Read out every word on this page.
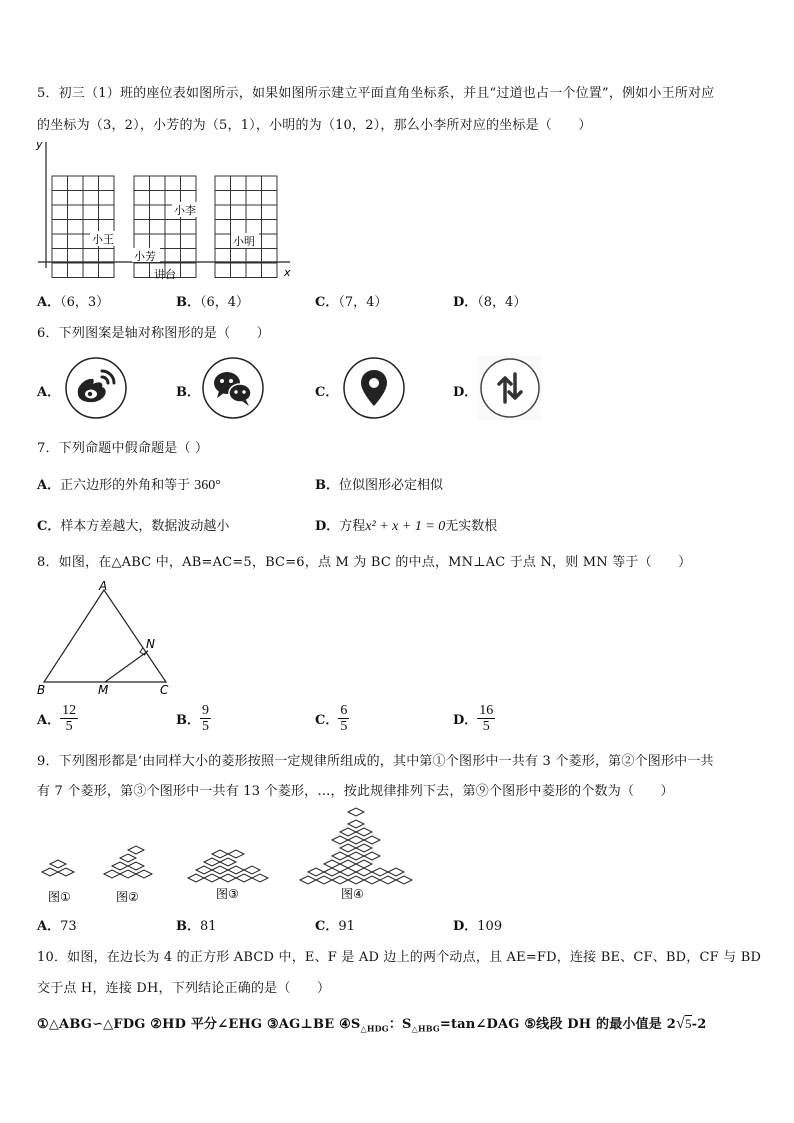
5．初三（1）班的座位表如图所示，如果如图所示建立平面直角坐标系，并且“过道也占一个位置”，例如小王所对应
的坐标为（3，2），小芳的为（5，1），小明的为（10，2），那么小李所对应的坐标是（　　）
y
x
小王
小芳
小李
小明
讲台
A．（6，3）	B．（6，4）	C．（7，4）	D．（8，4）
6．下列图案是轴对称图形的是（　　）
A．	B．	C．	D．
7．下列命题中假命题是（ ）
A．正六边形的外角和等于 360°	B．位似图形必定相似
C．样本方差越大，数据波动越小	D．方程x² + x + 1 = 0无实数根
8．如图，在△ABC 中，AB=AC=5，BC=6，点 M 为 BC 的中点，MN⊥AC 于点 N，则 MN 等于（　　）
A
B	C
M
N
A． $\frac{12}{5}$	B． $\frac{9}{5}$	C． $\frac{6}{5}$	D． $\frac{16}{5}$
9．下列图形都是‘由同样大小的菱形按照一定规律所组成的，其中第①个图形中一共有 3 个菱形，第②个图形中一共
有 7 个菱形，第③个图形中一共有 13 个菱形，…，按此规律排列下去，第⑨个图形中菱形的个数为（　　）
图①	图②	图③	图④
A．73	B．81	C．91	D．109
10．如图，在边长为 4 的正方形 ABCD 中，E、F 是 AD 边上的两个动点，且 AE=FD，连接 BE、CF、BD，CF 与 BD
交于点 H，连接 DH，下列结论正确的是（　　）
①△ABG∽△FDG ②HD 平分∠EHG ③AG⊥BE $④S_{\triangle HDG}$：$S_{\triangle HBG}=\tan\angle DAG$ ⑤线段 DH 的最小值是 2√5-2
